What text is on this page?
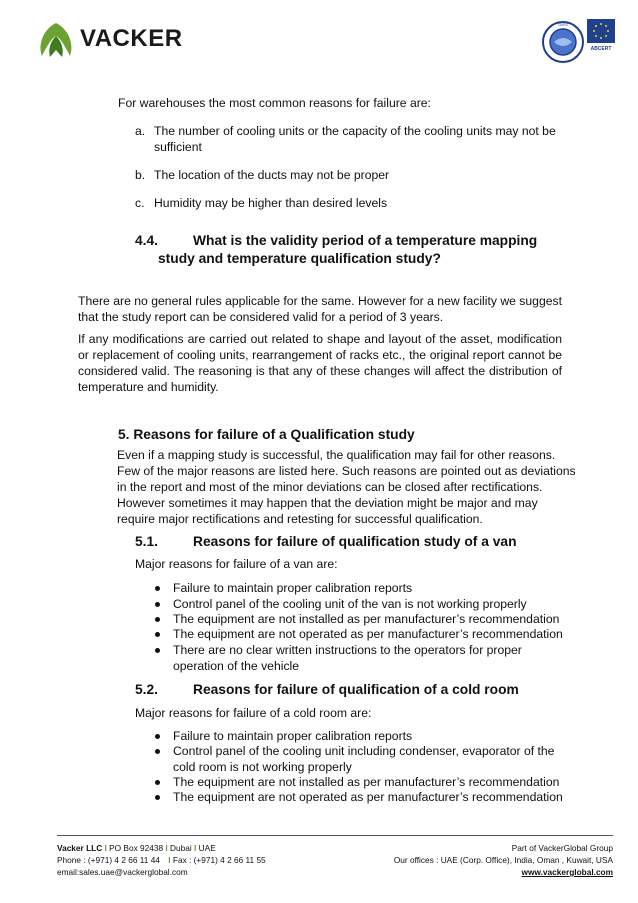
VACKER
GIES
ABCERT

For warehouses the most common reasons for failure are:

a. The number of cooling units or the capacity of the cooling units may not be
sufficient
b. The location of the ducts may not be proper
c. Humidity may be higher than desired levels
4.4.	What is the validity period of a temperature mapping
study and temperature qualification study?

There are no general rules applicable for the same. However for a new facility we suggest that the study report can be considered valid for a period of 3 years.

If any modifications are carried out related to shape and layout of the asset, modification or replacement of cooling units, rearrangement of racks etc., the original report cannot be considered valid. The reasoning is that any of these changes will affect the distribution of temperature and humidity.

5. Reasons for failure of a Qualification study
Even if a mapping study is successful, the qualification may fail for other reasons.
Few of the major reasons are listed here. Such reasons are pointed out as deviations
in the report and most of the minor deviations can be closed after rectifications.
However sometimes it may happen that the deviation might be major and may
require major rectifications and retesting for successful qualification.
5.1.	Reasons for failure of qualification study of a van

Major reasons for failure of a van are:

Failure to maintain proper calibration reports
Control panel of the cooling unit of the van is not working properly
The equipment are not installed as per manufacturer’s recommendation
The equipment are not operated as per manufacturer’s recommendation
There are no clear written instructions to the operators for proper
operation of the vehicle
5.2.	Reasons for failure of qualification of a cold room

Major reasons for failure of a cold room are:

Failure to maintain proper calibration reports
Control panel of the cooling unit including condenser, evaporator of the
cold room is not working properly
The equipment are not installed as per manufacturer’s recommendation
The equipment are not operated as per manufacturer’s recommendation
Vacker LLC I PO Box 92438 I Dubai I UAE
Phone : (+971) 4 2 66 11 44 I Fax : (+971) 4 2 66 11 55
email:sales.uae@vackerglobal.com
Part of VackerGlobal Group
Our offices : UAE (Corp. Office), India, Oman , Kuwait, USA
www.vackerglobal.com
